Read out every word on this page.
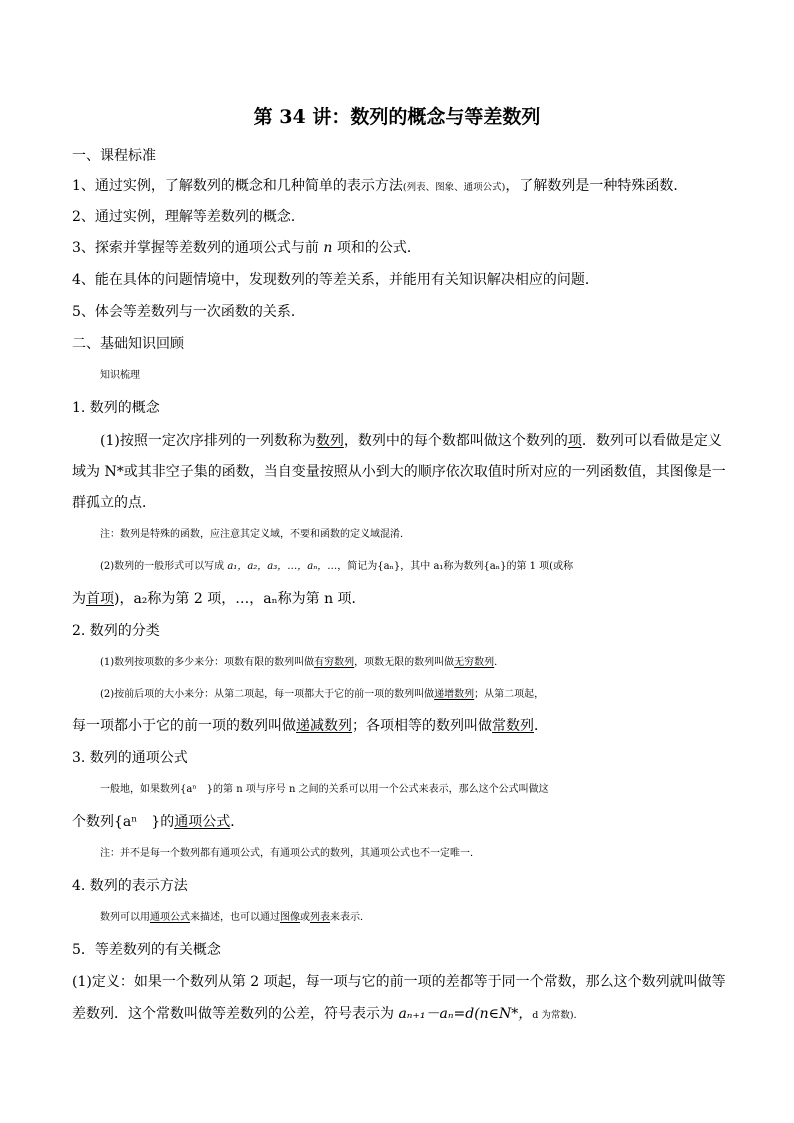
第 34 讲：数列的概念与等差数列
一、课程标准
1、通过实例，了解数列的概念和几种简单的表示方法(列表、图象、通项公式)，了解数列是一种特殊函数．
2、通过实例，理解等差数列的概念．
3、探索并掌握等差数列的通项公式与前 n 项和的公式．
4、能在具体的问题情境中，发现数列的等差关系，并能用有关知识解决相应的问题．
5、体会等差数列与一次函数的关系．
二、基础知识回顾
知识梳理
1. 数列的概念
(1)按照一定次序排列的一列数称为数列，数列中的每个数都叫做这个数列的项．数列可以看做是定义
域为 N*或其非空子集的函数，当自变量按照从小到大的顺序依次取值时所对应的一列函数值，其图像是一
群孤立的点．
注：数列是特殊的函数，应注意其定义域，不要和函数的定义域混淆．
(2)数列的一般形式可以写成 a₁，a₂，a₃，…，aₙ，…，简记为{aₙ}，其中 a₁称为数列{aₙ}的第 1 项(或称
为首项)，a₂称为第 2 项，…，aₙ称为第 n 项．
2. 数列的分类
(1)数列按项数的多少来分：项数有限的数列叫做有穷数列，项数无限的数列叫做无穷数列．
(2)按前后项的大小来分：从第二项起，每一项都大于它的前一项的数列叫做递增数列；从第二项起，
每一项都小于它的前一项的数列叫做递减数列；各项相等的数列叫做常数列．
3. 数列的通项公式
一般地，如果数列{aⁿ　}的第 n 项与序号 n 之间的关系可以用一个公式来表示，那么这个公式叫做这
个数列{aⁿ　}的通项公式．
注：并不是每一个数列都有通项公式，有通项公式的数列，其通项公式也不一定唯一．
4. 数列的表示方法
数列可以用通项公式来描述，也可以通过图像或列表来表示．
5．等差数列的有关概念
(1)定义：如果一个数列从第 2 项起，每一项与它的前一项的差都等于同一个常数，那么这个数列就叫做等
差数列．这个常数叫做等差数列的公差，符号表示为 aₙ₊₁－aₙ=d(n∈N*，d 为常数)．
